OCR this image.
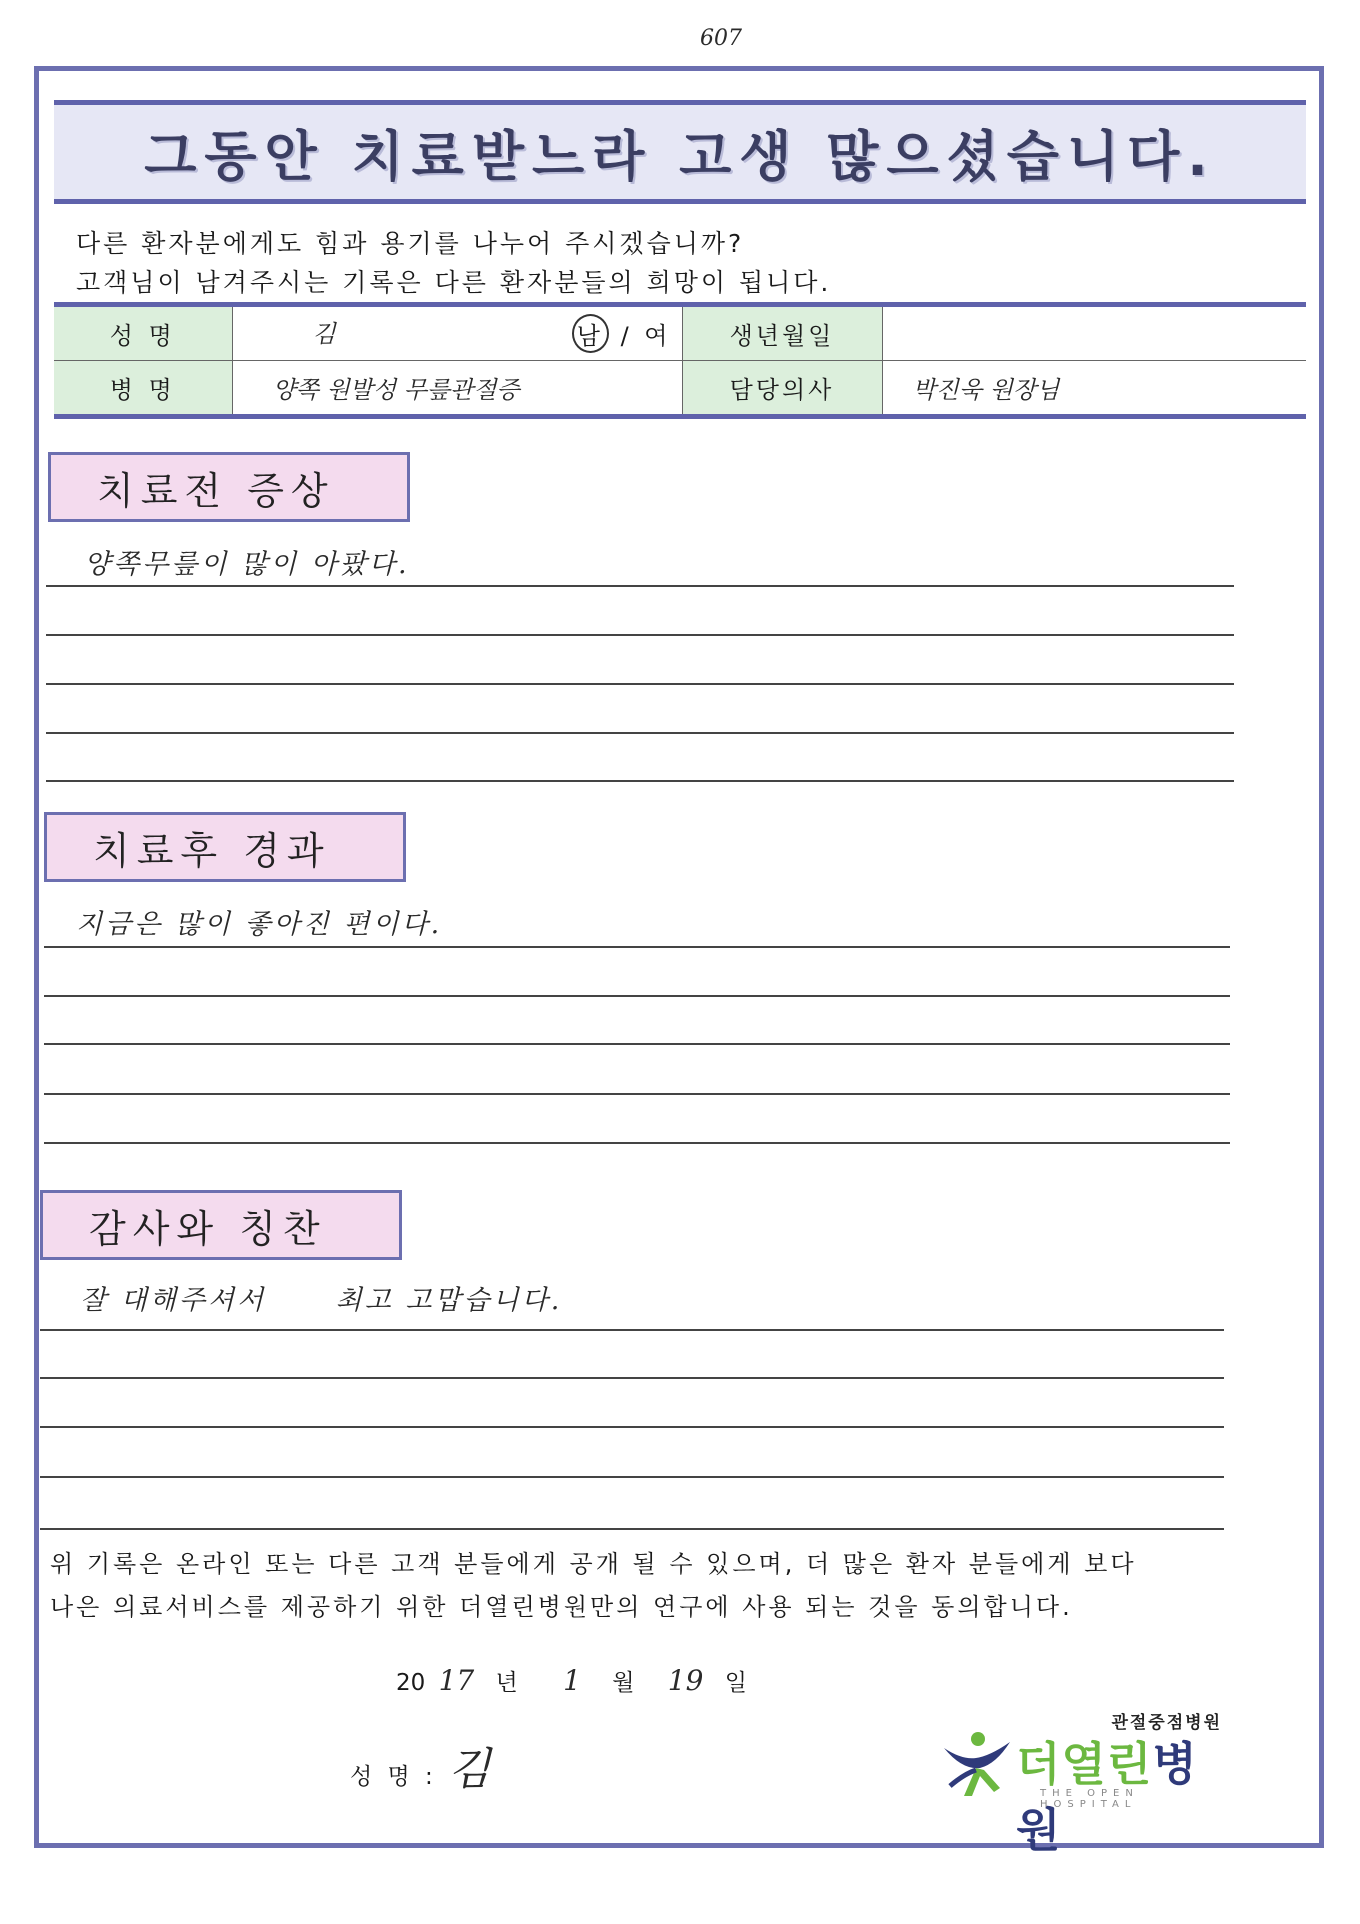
607
그동안 치료받느라 고생 많으셨습니다.
다른 환자분에게도 힘과 용기를 나누어 주시겠습니까?
고객님이 남겨주시는 기록은 다른 환자분들의 희망이 됩니다.
성 명	김 남 / 여	생년월일	
병 명	양쪽 원발성 무릎관절증	담당의사	박진욱 원장님
치료전 증상
양쪽무릎이 많이 아팠다.
치료후 경과
지금은 많이 좋아진 편이다.
감사와 칭찬
잘 대해주셔서      최고 고맙습니다.
위 기록은 온라인 또는 다른 고객 분들에게 공개 될 수 있으며, 더 많은 환자 분들에게 보다
나은 의료서비스를 제공하기 위한 더열린병원만의 연구에 사용 되는 것을 동의합니다.
20 17 년 1 월 19 일
성 명 : 김
관절중점병원
더열린병원
THE OPEN HOSPITAL
